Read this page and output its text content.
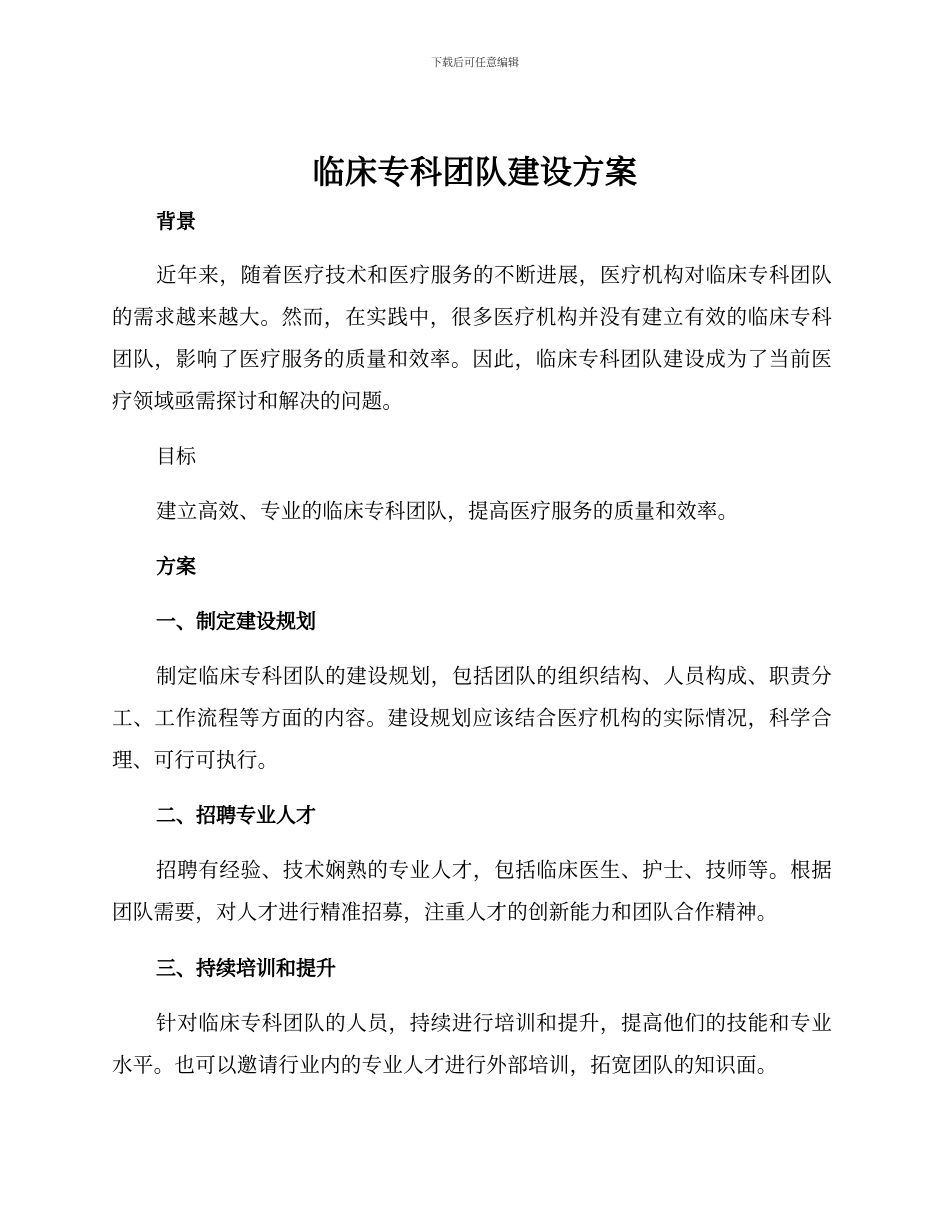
下载后可任意编辑
临床专科团队建设方案
背景
近年来，随着医疗技术和医疗服务的不断进展，医疗机构对临床专科团队的需求越来越大。然而，在实践中，很多医疗机构并没有建立有效的临床专科团队，影响了医疗服务的质量和效率。因此，临床专科团队建设成为了当前医疗领域亟需探讨和解决的问题。
目标
建立高效、专业的临床专科团队，提高医疗服务的质量和效率。
方案
一、制定建设规划
制定临床专科团队的建设规划，包括团队的组织结构、人员构成、职责分工、工作流程等方面的内容。建设规划应该结合医疗机构的实际情况，科学合理、可行可执行。
二、招聘专业人才
招聘有经验、技术娴熟的专业人才，包括临床医生、护士、技师等。根据团队需要，对人才进行精准招募，注重人才的创新能力和团队合作精神。
三、持续培训和提升
针对临床专科团队的人员，持续进行培训和提升，提高他们的技能和专业水平。也可以邀请行业内的专业人才进行外部培训，拓宽团队的知识面。
